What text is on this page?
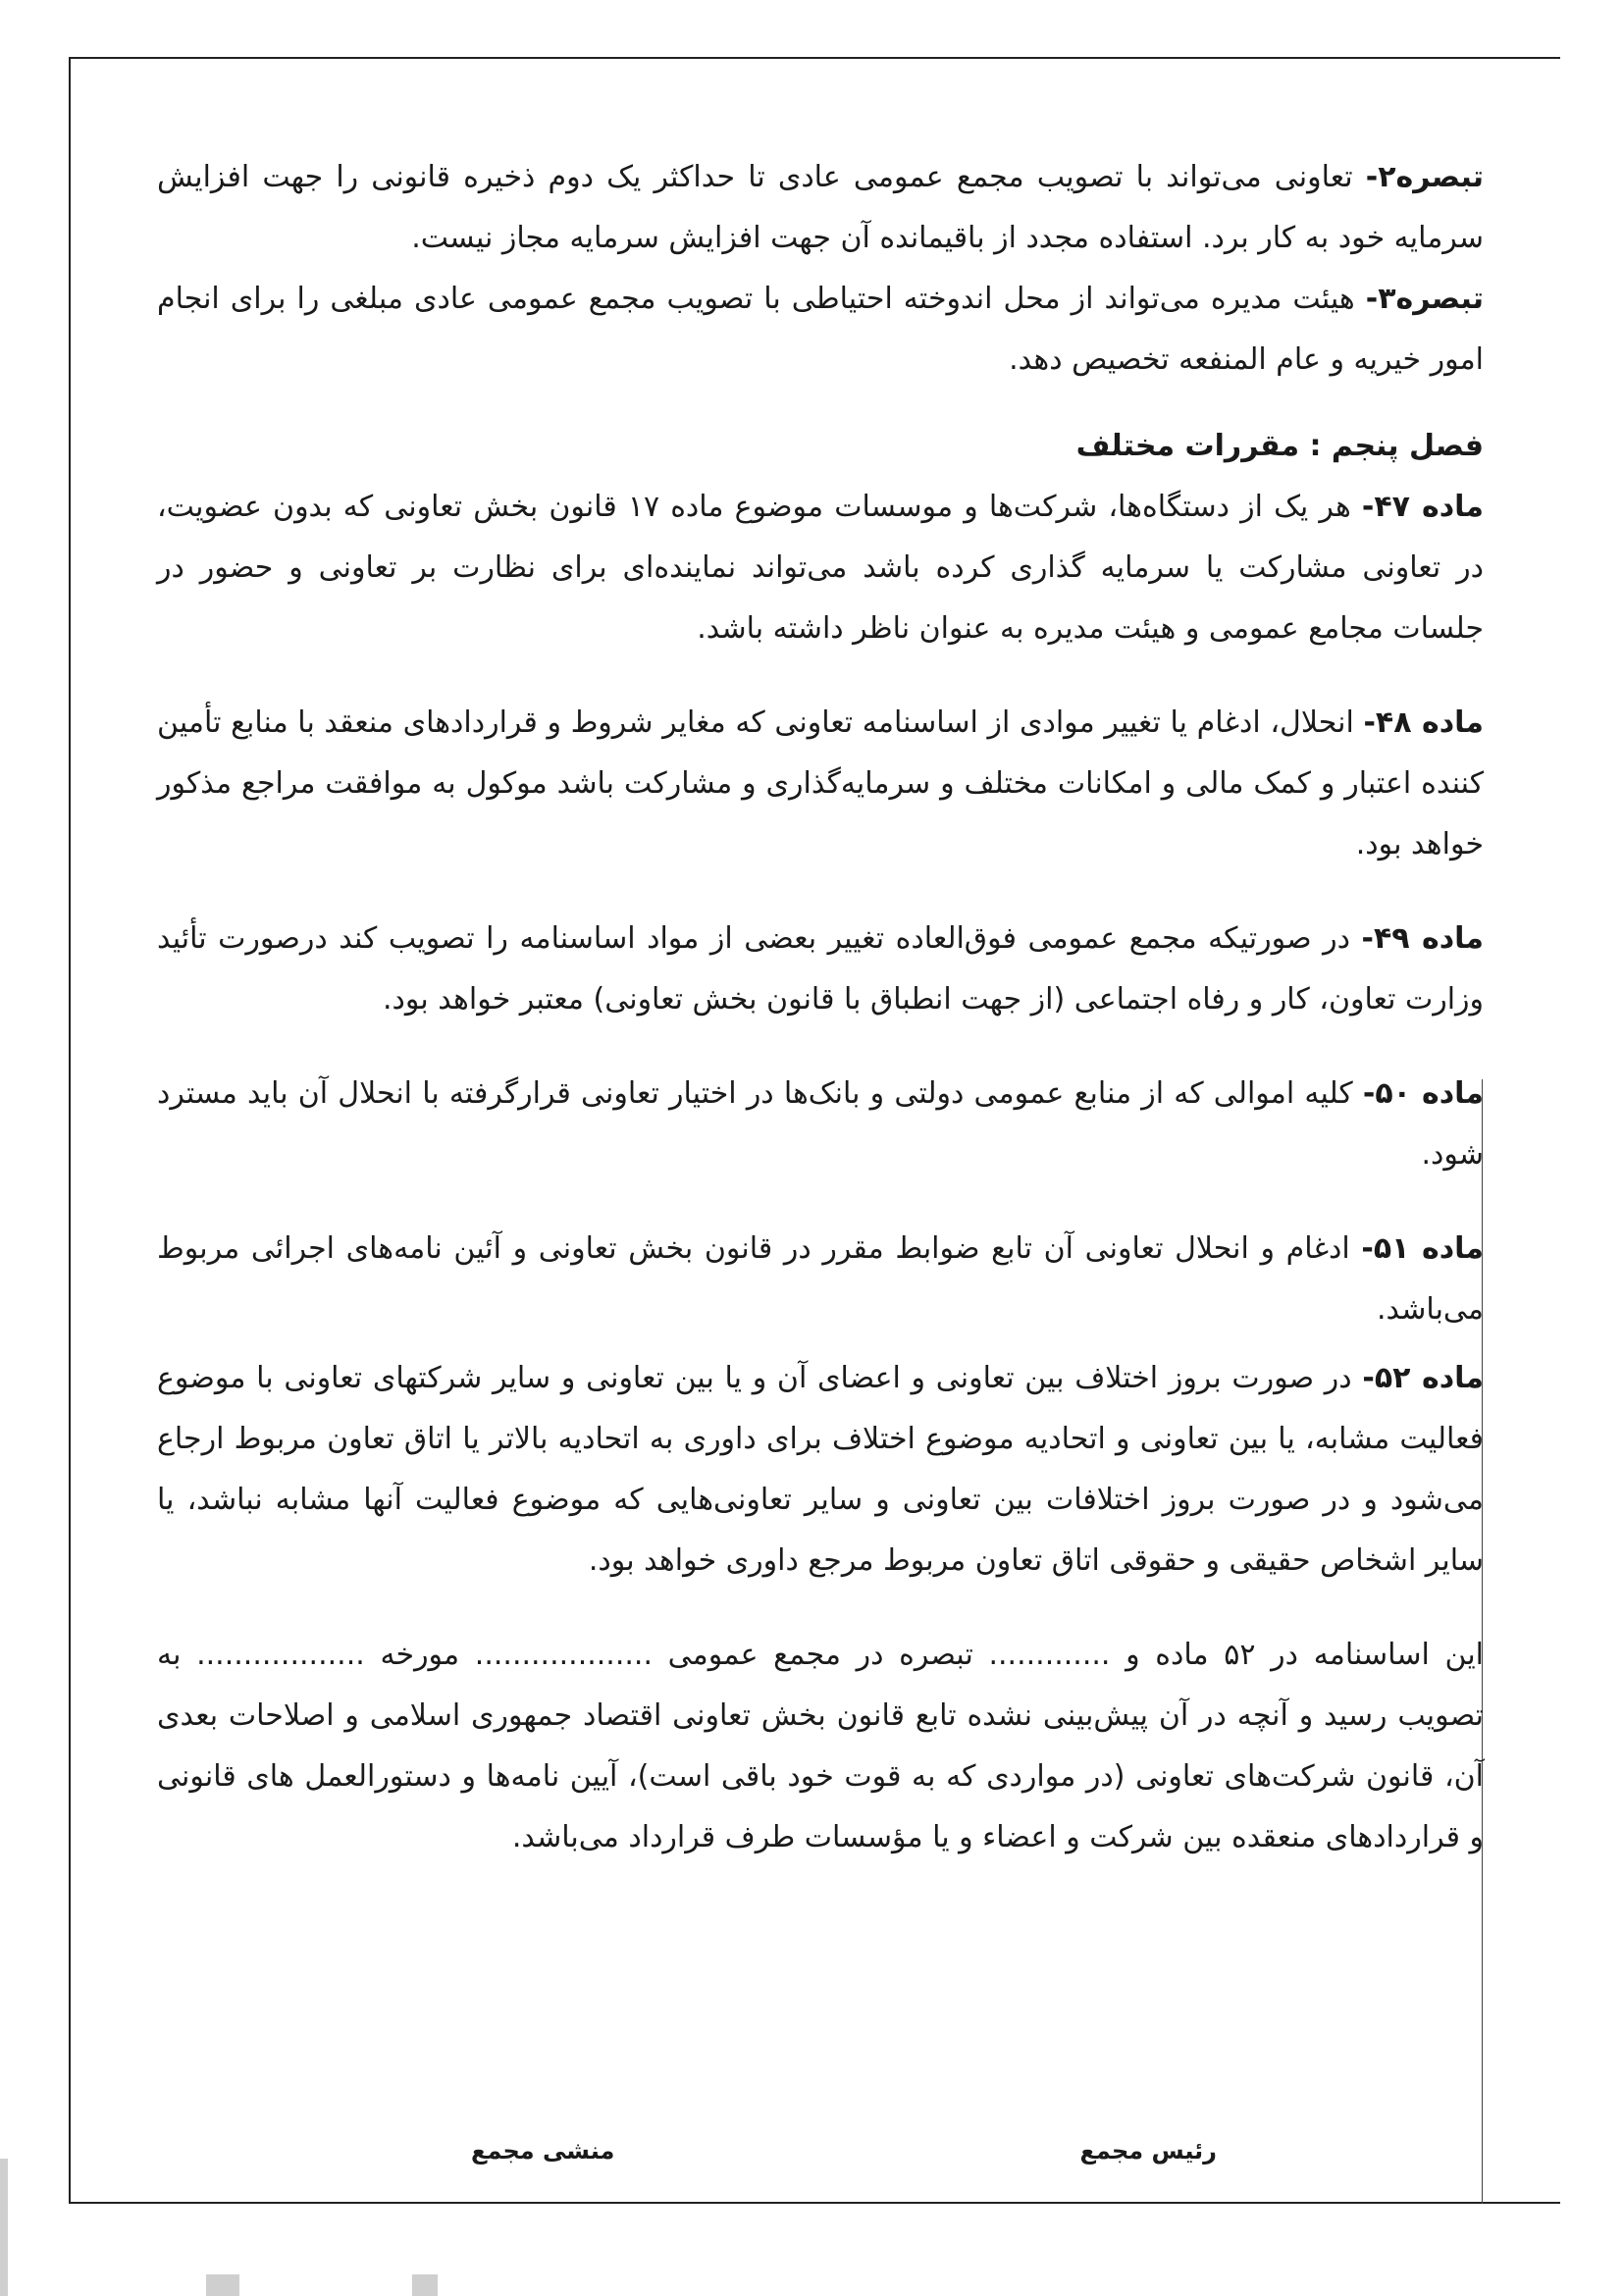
تبصره۲- تعاونی می‌تواند با تصویب مجمع عمومی عادی تا حداکثر یک دوم ذخیره قانونی را جهت افزایش سرمایه خود به کار برد. استفاده مجدد از باقیمانده آن جهت افزایش سرمایه مجاز نیست.

تبصره۳- هیئت مدیره می‌تواند از محل اندوخته احتیاطی با تصویب مجمع عمومی عادی مبلغی را برای انجام امور خیریه و عام المنفعه تخصیص دهد.

فصل پنجم : مقررات مختلف

ماده ۴۷- هر یک از دستگاه‌ها، شرکت‌ها و موسسات موضوع ماده ۱۷ قانون بخش تعاونی که بدون عضویت، در تعاونی مشارکت یا سرمایه گذاری کرده باشد می‌تواند نماینده‌ای برای نظارت بر تعاونی و حضور در جلسات مجامع عمومی و هیئت مدیره به عنوان ناظر داشته باشد.

ماده ۴۸- انحلال، ادغام یا تغییر موادی از اساسنامه تعاونی که مغایر شروط و قراردادهای منعقد با منابع تأمین کننده اعتبار و کمک مالی و امکانات مختلف و سرمایه‌گذاری و مشارکت باشد موکول به موافقت مراجع مذکور خواهد بود.

ماده ۴۹- در صورتیکه مجمع عمومی فوق‌العاده تغییر بعضی از مواد اساسنامه را تصویب کند درصورت تأئید وزارت تعاون، کار و رفاه اجتماعی (از جهت انطباق با قانون بخش تعاونی) معتبر خواهد بود.

ماده ۵۰- کلیه اموالی که از منابع عمومی دولتی و بانک‌ها در اختیار تعاونی قرارگرفته با انحلال آن باید مسترد شود.

ماده ۵۱- ادغام و انحلال تعاونی آن تابع ضوابط مقرر در قانون بخش تعاونی و آئین نامه‌های اجرائی مربوط می‌باشد.

ماده ۵۲- در صورت بروز اختلاف بین تعاونی و اعضای آن و یا بین تعاونی و سایر شرکتهای تعاونی با موضوع فعالیت مشابه، یا بین تعاونی و اتحادیه موضوع اختلاف برای داوری به اتحادیه بالاتر یا اتاق تعاون مربوط ارجاع می‌شود و در صورت بروز اختلافات بین تعاونی و سایر تعاونی‌هایی که موضوع فعالیت آنها مشابه نباشد، یا سایر اشخاص حقیقی و حقوقی اتاق تعاون مربوط مرجع داوری خواهد بود.

این اساسنامه در ۵۲ ماده و ............. تبصره در مجمع عمومی ................... مورخه .................. به تصویب رسید و آنچه در آن پیش‌بینی نشده تابع قانون بخش تعاونی اقتصاد جمهوری اسلامی و اصلاحات بعدی آن، قانون شرکت‌های تعاونی (در مواردی که به قوت خود باقی است)، آیین نامه‌ها و دستورالعمل های قانونی و قراردادهای منعقده بین شرکت و اعضاء و یا مؤسسات طرف قرارداد می‌باشد.

رئیس مجمع
منشی مجمع
